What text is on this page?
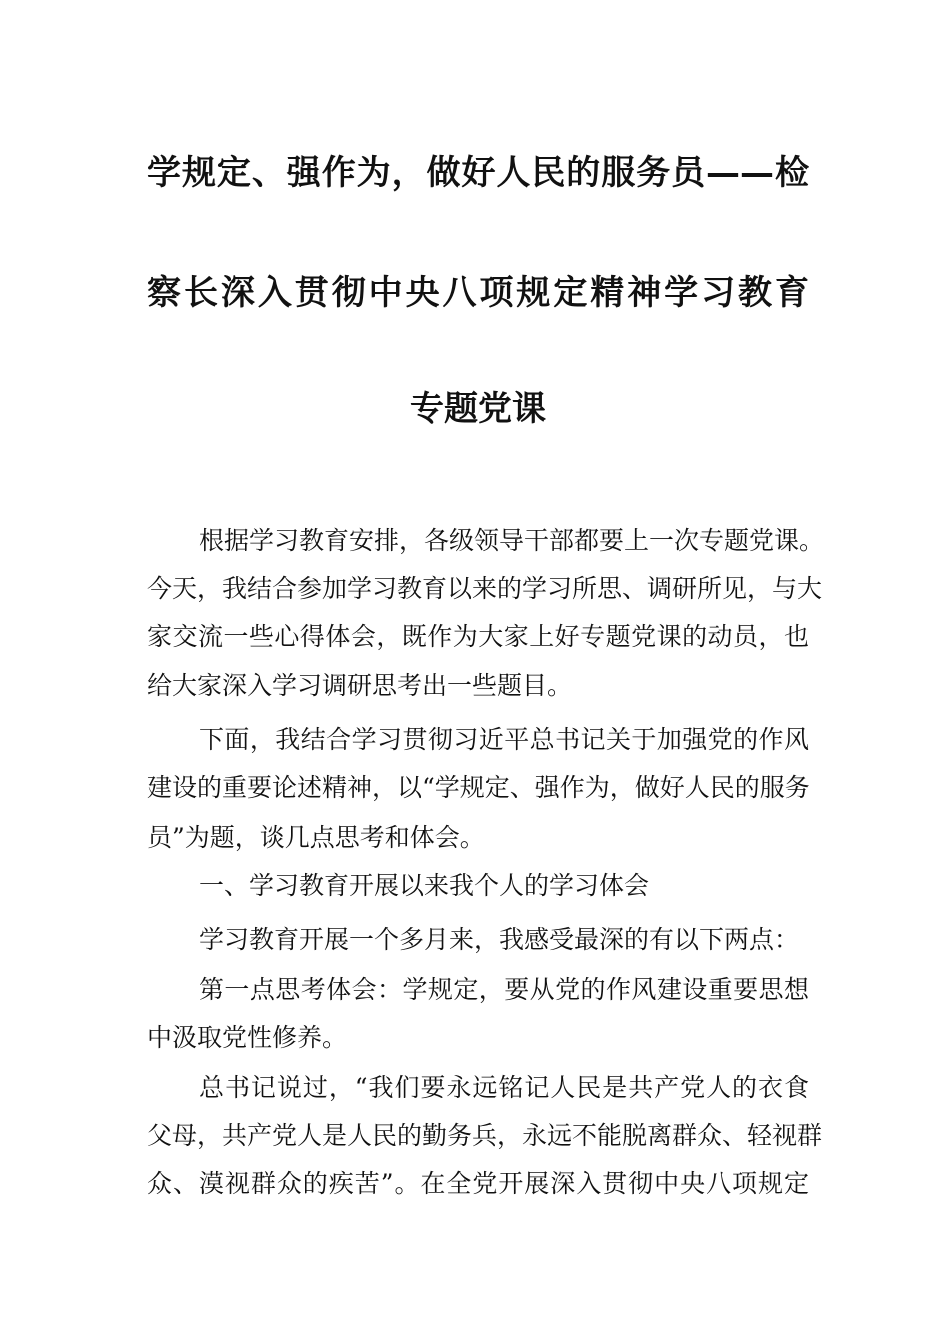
学规定、强作为，做好人民的服务员——检
察长深入贯彻中央八项规定精神学习教育
专题党课
根据学习教育安排，各级领导干部都要上一次专题党课。
今天，我结合参加学习教育以来的学习所思、调研所见，与大
家交流一些心得体会，既作为大家上好专题党课的动员，也
给大家深入学习调研思考出一些题目。
下面，我结合学习贯彻习近平总书记关于加强党的作风
建设的重要论述精神，以“学规定、强作为，做好人民的服务
员”为题，谈几点思考和体会。
一、学习教育开展以来我个人的学习体会
学习教育开展一个多月来，我感受最深的有以下两点：
第一点思考体会：学规定，要从党的作风建设重要思想
中汲取党性修养。
总书记说过，“我们要永远铭记人民是共产党人的衣食
父母，共产党人是人民的勤务兵，永远不能脱离群众、轻视群
众、漠视群众的疾苦”。在全党开展深入贯彻中央八项规定
